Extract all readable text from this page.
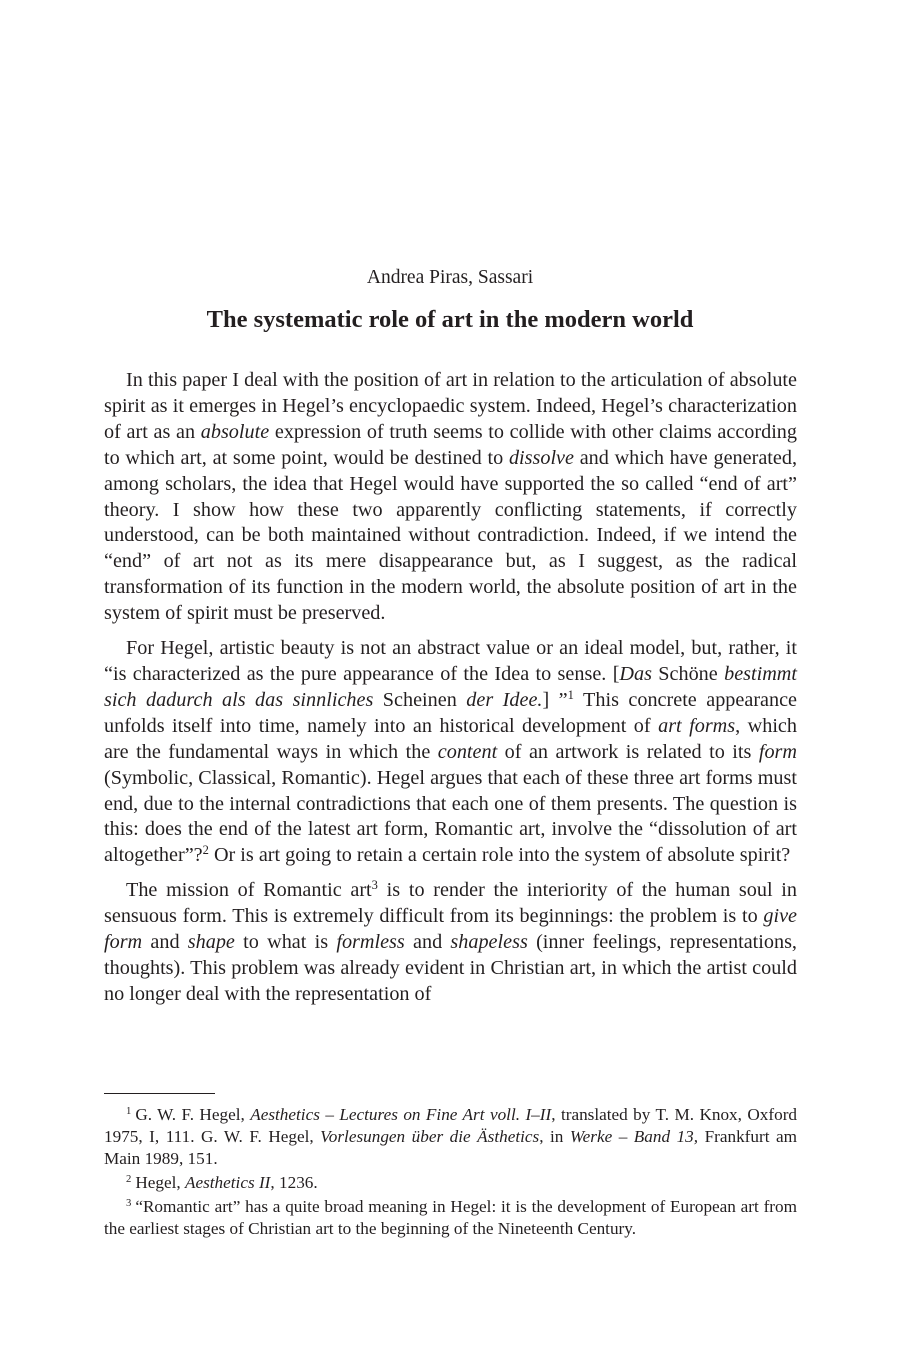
Andrea Piras, Sassari
The systematic role of art in the modern world

In this paper I deal with the position of art in relation to the articulation of absolute spirit as it emerges in Hegel’s encyclopaedic system. Indeed, Hegel’s characterization of art as an absolute expression of truth seems to collide with other claims according to which art, at some point, would be destined to dissolve and which have generated, among scholars, the idea that Hegel would have supported the so called “end of art” theory. I show how these two apparently conflicting statements, if correctly understood, can be both maintained without contradiction. Indeed, if we intend the “end” of art not as its mere disappearance but, as I suggest, as the radical transformation of its function in the modern world, the absolute position of art in the system of spirit must be preserved.

For Hegel, artistic beauty is not an abstract value or an ideal model, but, rather, it “is characterized as the pure appearance of the Idea to sense. [Das Schöne bestimmt sich dadurch als das sinnliches Scheinen der Idee.] ”$^1$ This concrete appearance unfolds itself into time, namely into an historical development of art forms, which are the fundamental ways in which the content of an artwork is related to its form (Symbolic, Classical, Romantic). Hegel argues that each of these three art forms must end, due to the internal contradictions that each one of them presents. The question is this: does the end of the latest art form, Romantic art, involve the “dissolution of art altogether”?$^2$ Or is art going to retain a certain role into the system of absolute spirit?

The mission of Romantic art$^3$ is to render the interiority of the human soul in sensuous form. This is extremely difficult from its beginnings: the problem is to give form and shape to what is formless and shapeless (inner feelings, representations, thoughts). This problem was already evident in Christian art, in which the artist could no longer deal with the representation of

$^1$ G. W. F. Hegel, Aesthetics – Lectures on Fine Art voll. I–II, translated by T. M. Knox, Oxford 1975, I, 111. G. W. F. Hegel, Vorlesungen über die Ästhetics, in Werke – Band 13, Frankfurt am Main 1989, 151.

$^2$ Hegel, Aesthetics II, 1236.

$^3$ “Romantic art” has a quite broad meaning in Hegel: it is the development of European art from the earliest stages of Christian art to the beginning of the Nineteenth Century.
